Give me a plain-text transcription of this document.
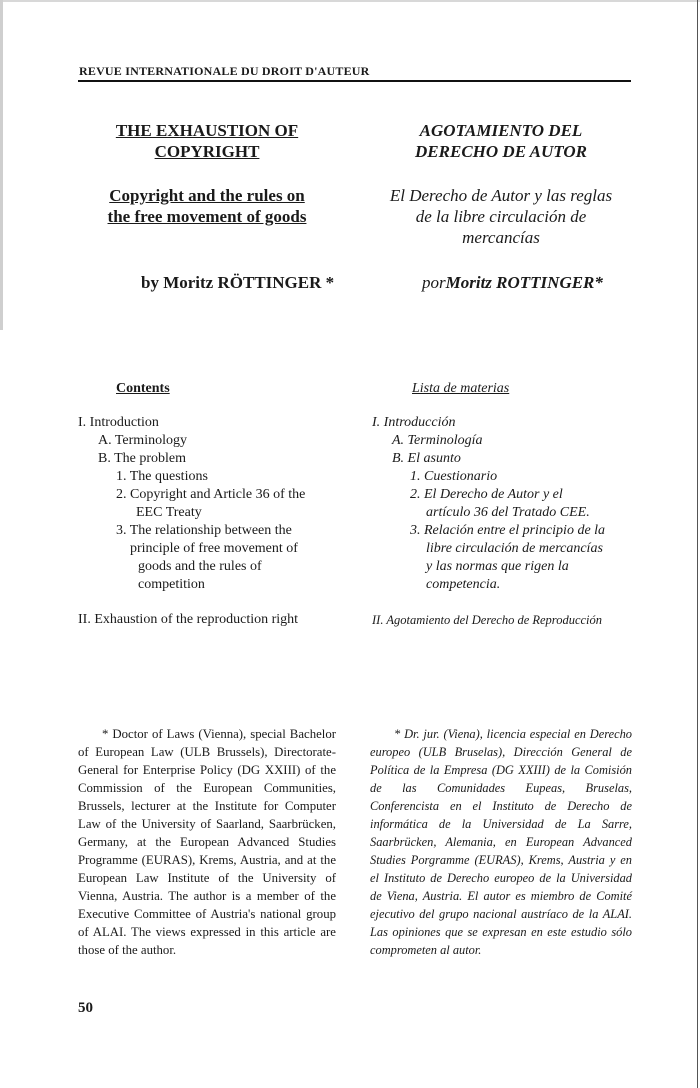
REVUE INTERNATIONALE DU DROIT D'AUTEUR
THE EXHAUSTION OF
COPYRIGHT
Copyright and the rules on
the free movement of goods
by Moritz RÖTTINGER *
Contents
I. Introduction
A. Terminology
B. The problem
1. The questions
2. Copyright and Article 36 of the
EEC Treaty
3. The relationship between the
principle of free movement of
goods and the rules of
competition
II. Exhaustion of the reproduction right
* Doctor of Laws (Vienna), special Bachelor of European Law (ULB Brussels), Directorate-General for Enterprise Policy (DG XXIII) of the Commission of the European Communities, Brussels, lecturer at the Institute for Computer Law of the University of Saarland, Saarbrücken, Germany, at the European Advanced Studies Programme (EURAS), Krems, Austria, and at the European Law Institute of the University of Vienna, Austria. The author is a member of the Executive Committee of Austria's national group of ALAI. The views expressed in this article are those of the author.
AGOTAMIENTO DEL
DERECHO DE AUTOR
El Derecho de Autor y las reglas
de la libre circulación de
mercancías
porMoritz ROTTINGER*
Lista de materias
I. Introducción
A. Terminología
B. El asunto
1. Cuestionario
2. El Derecho de Autor y el
artículo 36 del Tratado CEE.
3. Relación entre el principio de la
libre circulación de mercancías
y las normas que rigen la
competencia.
II. Agotamiento del Derecho de Reproducción
* Dr. jur. (Viena), licencia especial en Derecho europeo (ULB Bruselas), Dirección General de Política de la Empresa (DG XXIII) de la Comisión de las Comunidades Eupeas, Bruselas, Conferencista en el Instituto de Derecho de informática de la Universidad de La Sarre, Saarbrücken, Alemania, en European Advanced Studies Porgramme (EURAS), Krems, Austria y en el Instituto de Derecho europeo de la Universidad de Viena, Austria. El autor es miembro de Comité ejecutivo del grupo nacional austríaco de la ALAI. Las opiniones que se expresan en este estudio sólo comprometen al autor.
50
